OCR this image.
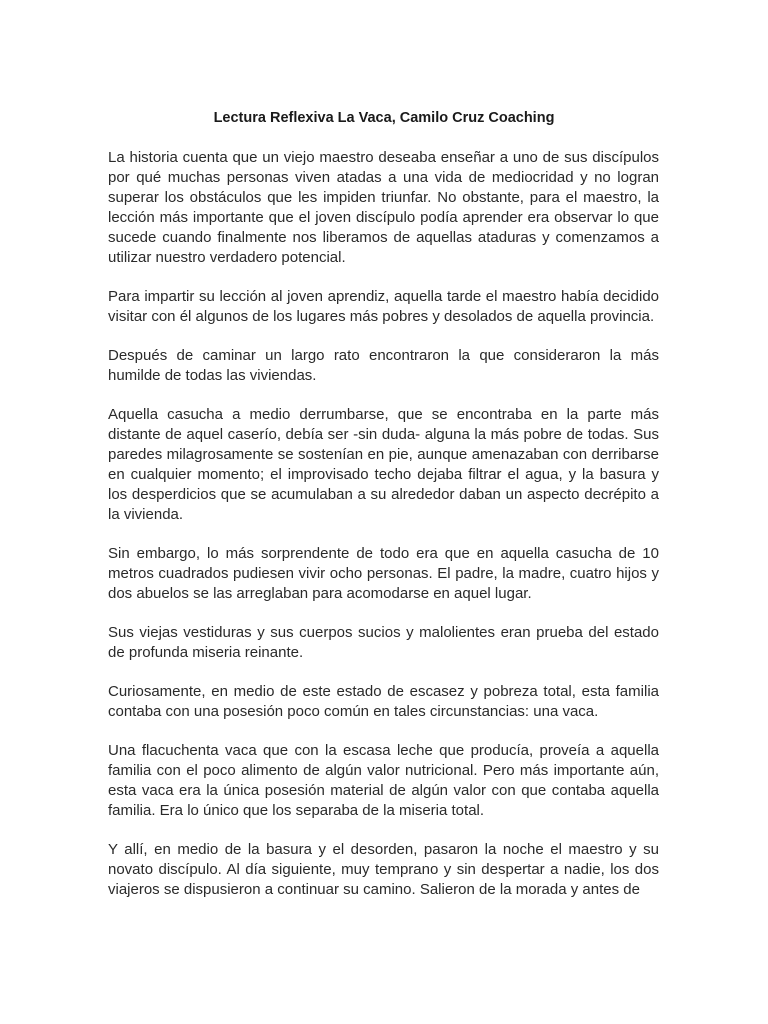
Lectura Reflexiva La Vaca, Camilo Cruz Coaching

La historia cuenta que un viejo maestro deseaba enseñar a uno de sus discípulos por qué muchas personas viven atadas a una vida de mediocridad y no logran superar los obstáculos que les impiden triunfar. No obstante, para el maestro, la lección más importante que el joven discípulo podía aprender era observar lo que sucede cuando finalmente nos liberamos de aquellas ataduras y comenzamos a utilizar nuestro verdadero potencial.

Para impartir su lección al joven aprendiz, aquella tarde el maestro había decidido visitar con él algunos de los lugares más pobres y desolados de aquella provincia.

Después de caminar un largo rato encontraron la que consideraron la más humilde de todas las viviendas.

Aquella casucha a medio derrumbarse, que se encontraba en la parte más distante de aquel caserío, debía ser -sin duda- alguna la más pobre de todas. Sus paredes milagrosamente se sostenían en pie, aunque amenazaban con derribarse en cualquier momento; el improvisado techo dejaba filtrar el agua, y la basura y los desperdicios que se acumulaban a su alrededor daban un aspecto decrépito a la vivienda.

Sin embargo, lo más sorprendente de todo era que en aquella casucha de 10 metros cuadrados pudiesen vivir ocho personas. El padre, la madre, cuatro hijos y dos abuelos se las arreglaban para acomodarse en aquel lugar.

Sus viejas vestiduras y sus cuerpos sucios y malolientes eran prueba del estado de profunda miseria reinante.

Curiosamente, en medio de este estado de escasez y pobreza total, esta familia contaba con una posesión poco común en tales circunstancias: una vaca.

Una flacuchenta vaca que con la escasa leche que producía, proveía a aquella familia con el poco alimento de algún valor nutricional. Pero más importante aún, esta vaca era la única posesión material de algún valor con que contaba aquella familia. Era lo único que los separaba de la miseria total.

Y allí, en medio de la basura y el desorden, pasaron la noche el maestro y su novato discípulo. Al día siguiente, muy temprano y sin despertar a nadie, los dos viajeros se dispusieron a continuar su camino. Salieron de la morada y antes de
